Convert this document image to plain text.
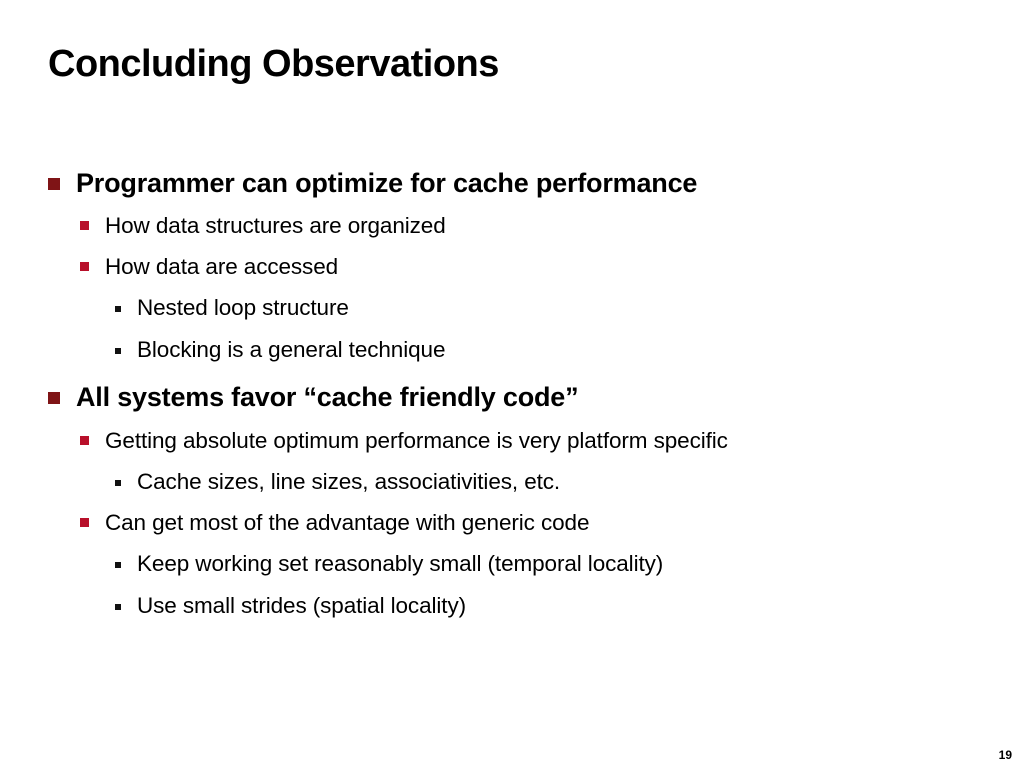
Concluding Observations
Programmer can optimize for cache performance
How data structures are organized
How data are accessed
Nested loop structure
Blocking is a general technique
All systems favor “cache friendly code”
Getting absolute optimum performance is very platform specific
Cache sizes, line sizes, associativities, etc.
Can get most of the advantage with generic code
Keep working set reasonably small (temporal locality)
Use small strides (spatial locality)
19
